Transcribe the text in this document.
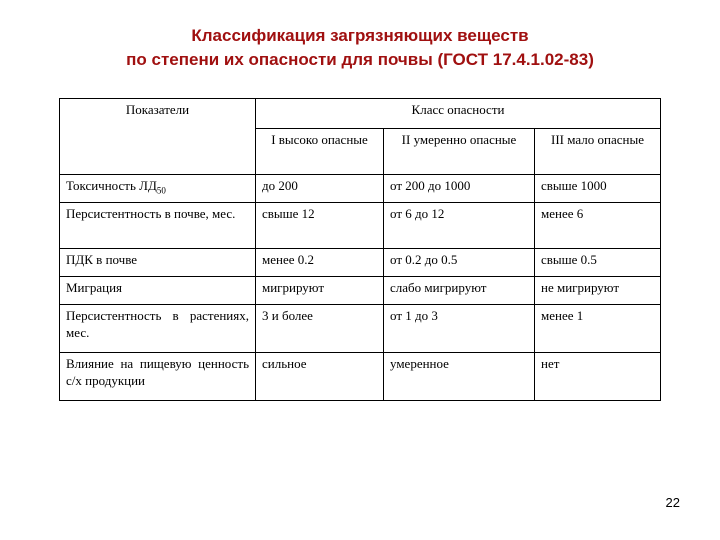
Классификация загрязняющих веществ
по степени их опасности для почвы (ГОСТ 17.4.1.02-83)
Показатели	Класс опасности		
	I высоко опасные	II умеренно опасные	III мало опасные
Токсичность $ЛД_{50}$	до 200	от 200 до 1000	свыше 1000
Персистентность в почве, мес.	свыше 12	от 6 до 12	менее 6
ПДК в почве	менее 0.2	от 0.2 до 0.5	свыше 0.5
Миграция	мигрируют	слабо мигрируют	не мигрируют
Персистентность в растениях, мес.	3 и более	от 1 до 3	менее 1
Влияние на пищевую ценность с/х продукции	сильное	умеренное	нет
22
